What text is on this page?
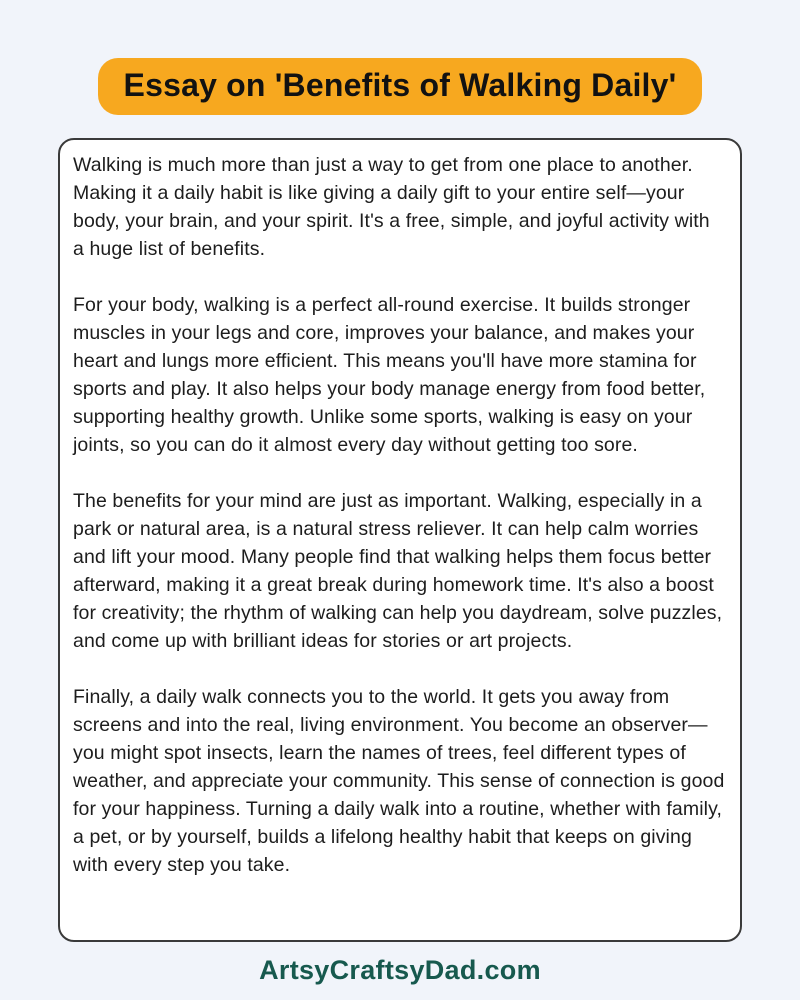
Essay on 'Benefits of Walking Daily'

Walking is much more than just a way to get from one place to another. Making it a daily habit is like giving a daily gift to your entire self—your body, your brain, and your spirit. It's a free, simple, and joyful activity with a huge list of benefits.

For your body, walking is a perfect all-round exercise. It builds stronger muscles in your legs and core, improves your balance, and makes your heart and lungs more efficient. This means you'll have more stamina for sports and play. It also helps your body manage energy from food better, supporting healthy growth. Unlike some sports, walking is easy on your joints, so you can do it almost every day without getting too sore.

The benefits for your mind are just as important. Walking, especially in a park or natural area, is a natural stress reliever. It can help calm worries and lift your mood. Many people find that walking helps them focus better afterward, making it a great break during homework time. It's also a boost for creativity; the rhythm of walking can help you daydream, solve puzzles, and come up with brilliant ideas for stories or art projects.

Finally, a daily walk connects you to the world. It gets you away from screens and into the real, living environment. You become an observer—you might spot insects, learn the names of trees, feel different types of weather, and appreciate your community. This sense of connection is good for your happiness. Turning a daily walk into a routine, whether with family, a pet, or by yourself, builds a lifelong healthy habit that keeps on giving with every step you take.

ArtsyCraftsyDad.com
